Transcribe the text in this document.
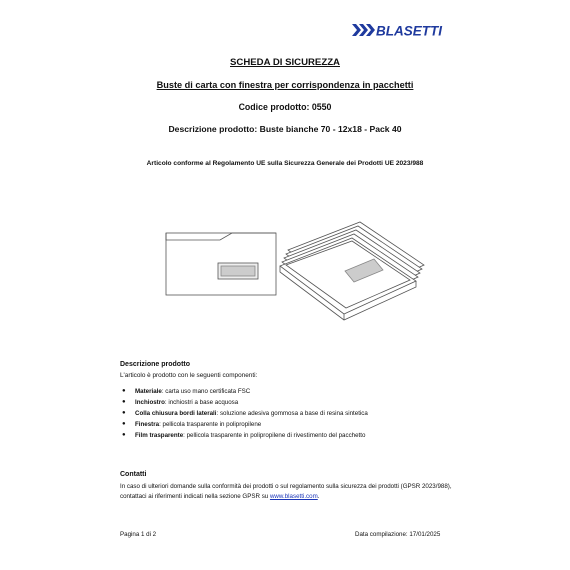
BLASETTI
SCHEDA DI SICUREZZA
Buste di carta con finestra per corrispondenza in pacchetti
Codice prodotto: 0550
Descrizione prodotto: Buste bianche 70 - 12x18 - Pack 40
Articolo conforme al Regolamento UE sulla Sicurezza Generale dei Prodotti UE 2023/988
Descrizione prodotto
L'articolo è prodotto con le seguenti componenti:
● Materiale: carta uso mano certificata FSC
● Inchiostro: inchiostri a base acquosa
● Colla chiusura bordi laterali: soluzione adesiva gommosa a base di resina sintetica
● Finestra: pellicola trasparente in polipropilene
● Film trasparente: pellicola trasparente in polipropilene di rivestimento del pacchetto
Contatti
In caso di ulteriori domande sulla conformità dei prodotti o sul regolamento sulla sicurezza dei prodotti (GPSR 2023/988), contattaci ai riferimenti indicati nella sezione GPSR su www.blasetti.com.
Pagina 1 di 2	Data compilazione: 17/01/2025
